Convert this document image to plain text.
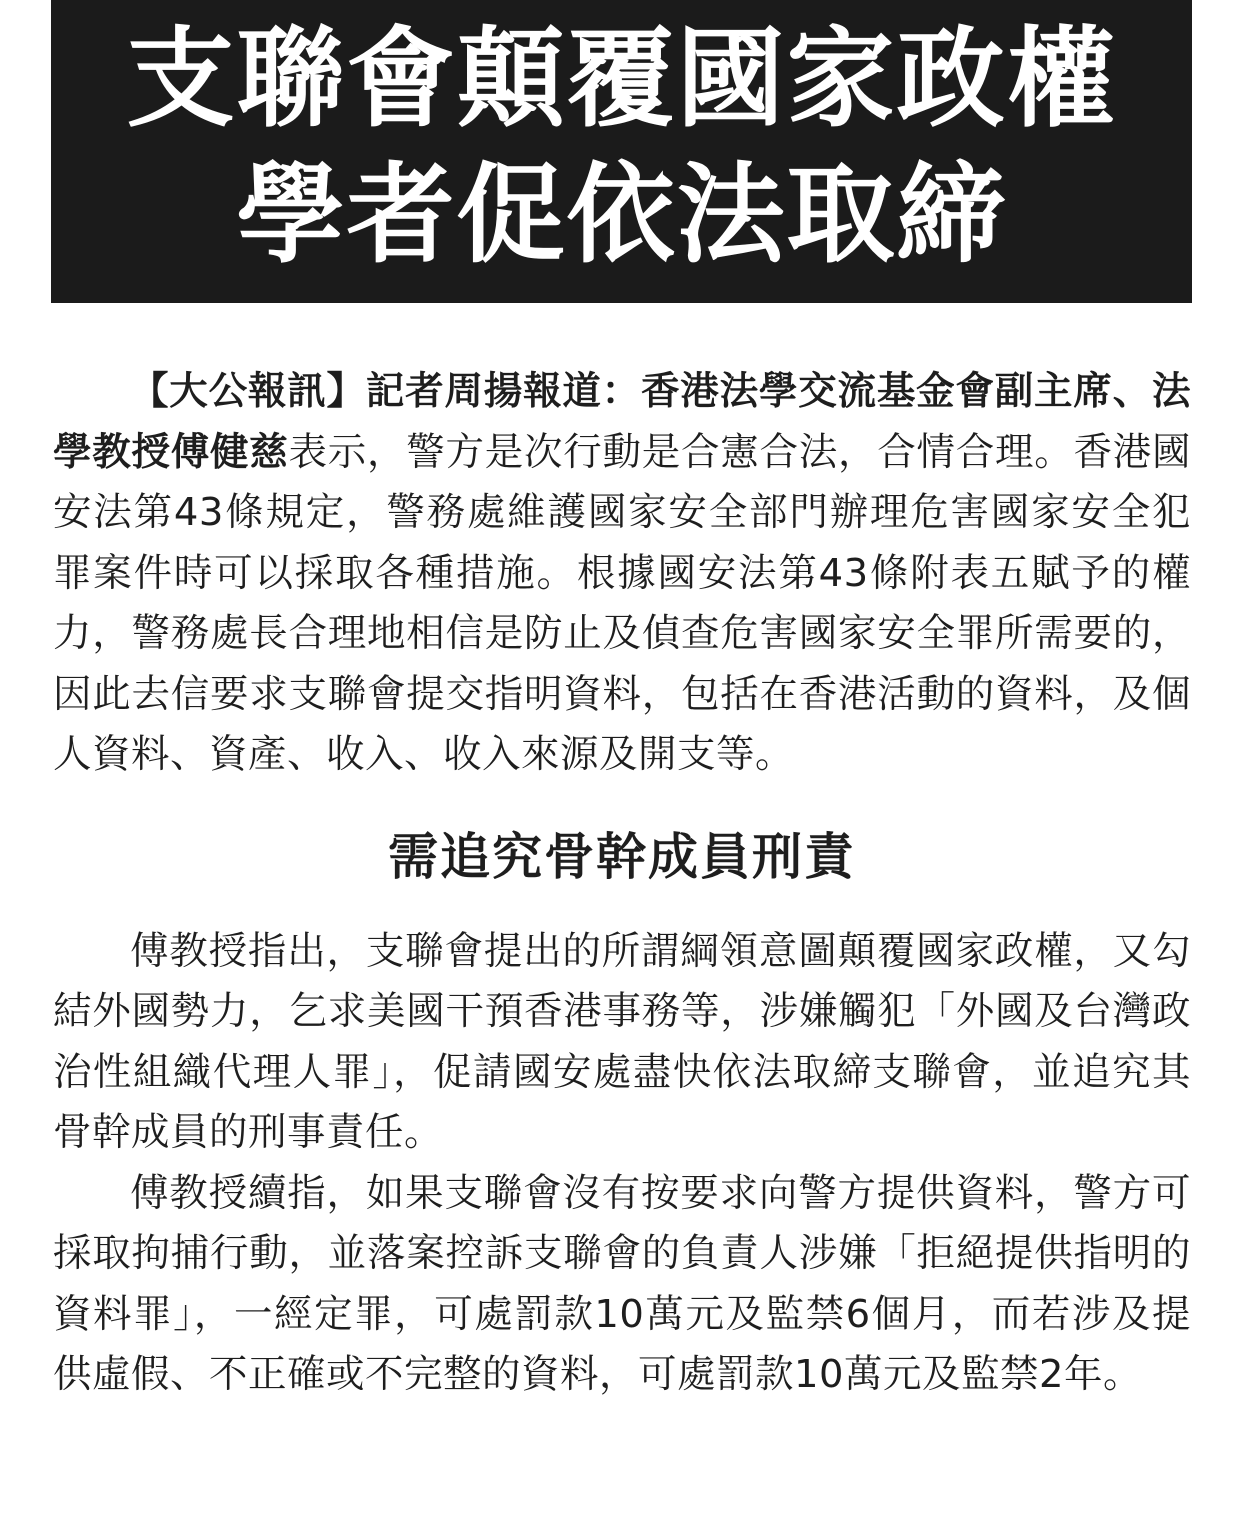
支聯會顛覆國家政權
學者促依法取締

【大公報訊】記者周揚報道：香港法學交流基金會副主席、法學教授傅健慈表示，警方是次行動是合憲合法，合情合理。香港國安法第43條規定，警務處維護國家安全部門辦理危害國家安全犯罪案件時可以採取各種措施。根據國安法第43條附表五賦予的權力，警務處長合理地相信是防止及偵查危害國家安全罪所需要的，因此去信要求支聯會提交指明資料，包括在香港活動的資料，及個人資料、資產、收入、收入來源及開支等。

需追究骨幹成員刑責

傅教授指出，支聯會提出的所謂綱領意圖顛覆國家政權，又勾結外國勢力，乞求美國干預香港事務等，涉嫌觸犯「外國及台灣政治性組織代理人罪」，促請國安處盡快依法取締支聯會，並追究其骨幹成員的刑事責任。

傅教授續指，如果支聯會沒有按要求向警方提供資料，警方可採取拘捕行動，並落案控訴支聯會的負責人涉嫌「拒絕提供指明的資料罪」，一經定罪，可處罰款10萬元及監禁6個月，而若涉及提供虛假、不正確或不完整的資料，可處罰款10萬元及監禁2年。
